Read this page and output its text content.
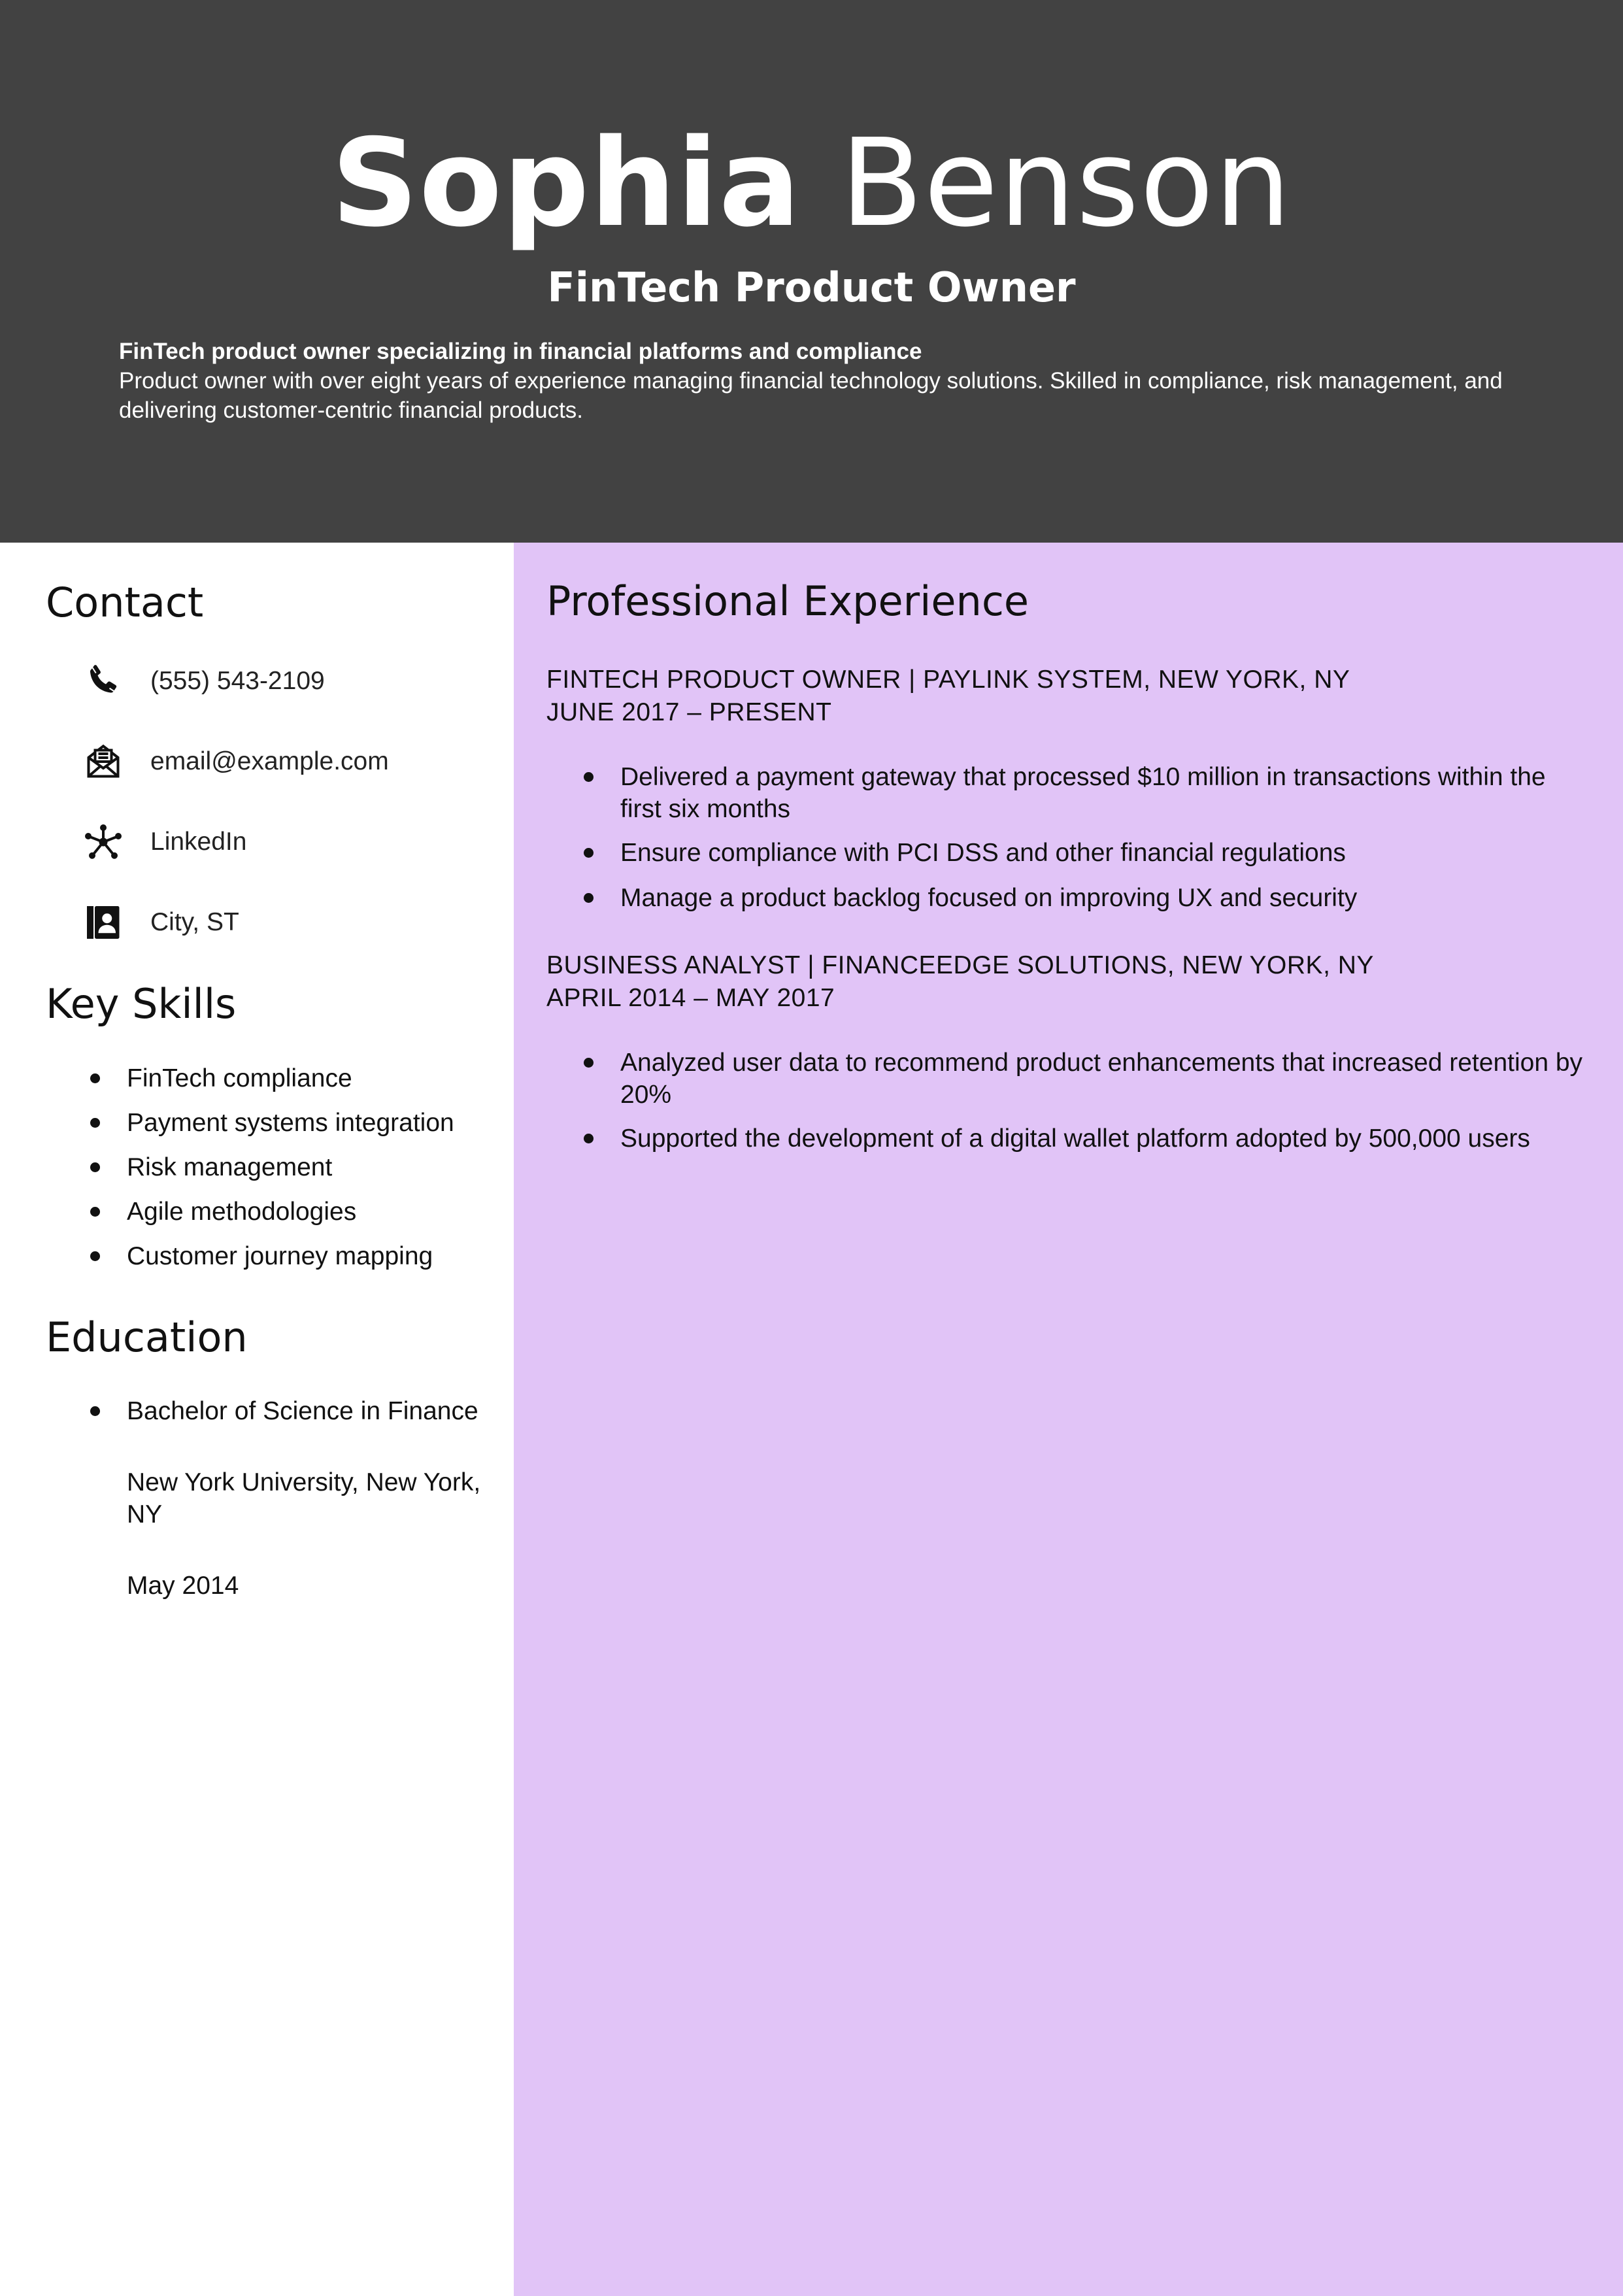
Sophia Benson
FinTech Product Owner
FinTech product owner specializing in financial platforms and compliance
Product owner with over eight years of experience managing financial technology solutions. Skilled in compliance, risk management, and delivering customer-centric financial products.
Contact
(555) 543-2109
email@example.com
LinkedIn
City, ST
Key Skills
FinTech compliance
Payment systems integration
Risk management
Agile methodologies
Customer journey mapping
Education
Bachelor of Science in Finance
New York University, New York, NY
May 2014
Professional Experience
FINTECH PRODUCT OWNER | PAYLINK SYSTEM, NEW YORK, NY
JUNE 2017 – PRESENT
Delivered a payment gateway that processed $10 million in transactions within the first six months
Ensure compliance with PCI DSS and other financial regulations
Manage a product backlog focused on improving UX and security
BUSINESS ANALYST | FINANCEEDGE SOLUTIONS, NEW YORK, NY
APRIL 2014 – MAY 2017
Analyzed user data to recommend product enhancements that increased retention by 20%
Supported the development of a digital wallet platform adopted by 500,000 users
